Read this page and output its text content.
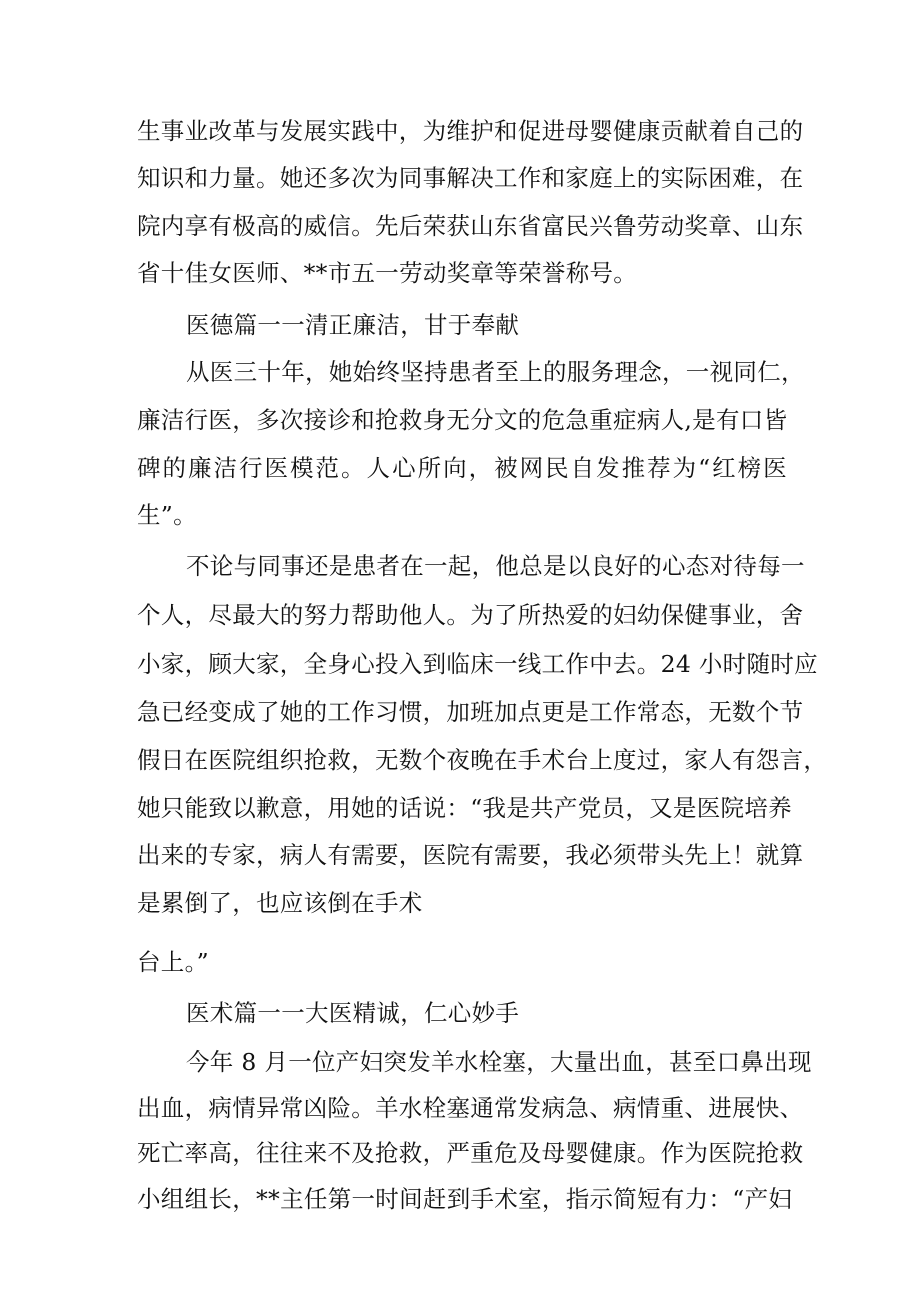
生事业改革与发展实践中，为维护和促进母婴健康贡献着自己的
知识和力量。她还多次为同事解决工作和家庭上的实际困难，在
院内享有极高的威信。先后荣获山东省富民兴鲁劳动奖章、山东
省十佳女医师、**市五一劳动奖章等荣誉称号。
医德篇一一清正廉洁，甘于奉献
从医三十年，她始终坚持患者至上的服务理念，一视同仁，
廉洁行医，多次接诊和抢救身无分文的危急重症病人,是有口皆
碑的廉洁行医模范。人心所向，被网民自发推荐为“红榜医
生”。
不论与同事还是患者在一起，他总是以良好的心态对待每一
个人，尽最大的努力帮助他人。为了所热爱的妇幼保健事业，舍
小家，顾大家，全身心投入到临床一线工作中去。24 小时随时应
急已经变成了她的工作习惯，加班加点更是工作常态，无数个节
假日在医院组织抢救，无数个夜晚在手术台上度过，家人有怨言，
她只能致以歉意，用她的话说：“我是共产党员，又是医院培养
出来的专家，病人有需要，医院有需要，我必须带头先上！就算
是累倒了，也应该倒在手术
台上。”
医术篇一一大医精诚，仁心妙手
今年 8 月一位产妇突发羊水栓塞，大量出血，甚至口鼻出现
出血，病情异常凶险。羊水栓塞通常发病急、病情重、进展快、
死亡率高，往往来不及抢救，严重危及母婴健康。作为医院抢救
小组组长，**主任第一时间赶到手术室，指示简短有力：“产妇
